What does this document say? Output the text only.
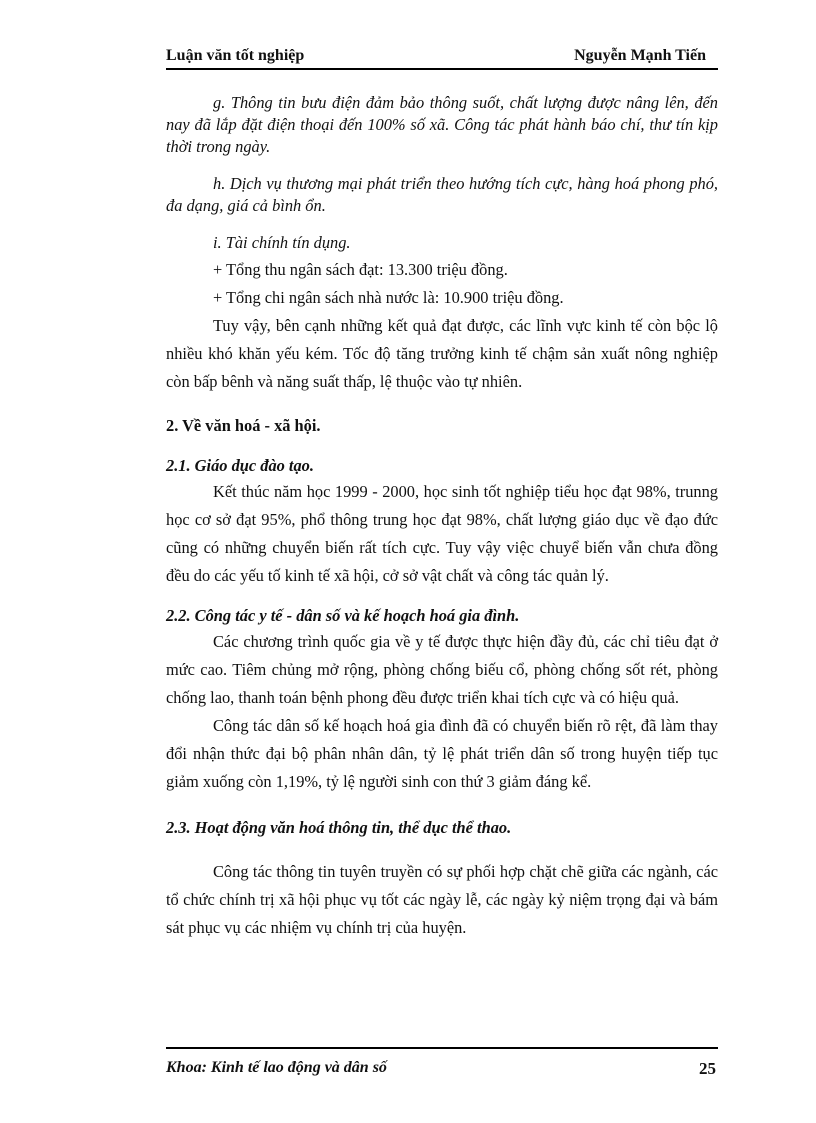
Luận văn tốt nghiệp	Nguyễn Mạnh Tiến

g. Thông tin bưu điện đảm bảo thông suốt, chất lượng được nâng lên, đến nay đã lắp đặt điện thoại đến 100% số xã. Công tác phát hành báo chí, thư tín kịp thời trong ngày.

h. Dịch vụ thương mại phát triển theo hướng tích cực, hàng hoá phong phó, đa dạng, giá cả bình ổn.

i. Tài chính tín dụng.

+ Tổng thu ngân sách đạt: 13.300 triệu đồng.

+ Tổng chi ngân sách nhà nước là: 10.900 triệu đồng.

Tuy vậy, bên cạnh những kết quả đạt được, các lĩnh vực kinh tế còn bộc lộ nhiều khó khăn yếu kém. Tốc độ tăng trưởng kinh tế chậm sản xuất nông nghiệp còn bấp bênh và năng suất thấp, lệ thuộc vào tự nhiên.

2. Về văn hoá - xã hội.

2.1. Giáo dục đào tạo.

Kết thúc năm học 1999 - 2000, học sinh tốt nghiệp tiểu học đạt 98%, trunng học cơ sở đạt 95%, phổ thông trung học đạt 98%, chất lượng giáo dục về đạo đức cũng có những chuyển biến rất tích cực. Tuy vậy việc chuyể biến vẫn chưa đồng đều do các yếu tố kinh tế xã hội, cở sở vật chất và công tác quản lý.

2.2. Công tác y tế - dân số và kế hoạch hoá gia đình.

Các chương trình quốc gia về y tế được thực hiện đầy đủ, các chỉ tiêu đạt ở mức cao. Tiêm chủng mở rộng, phòng chống biếu cổ, phòng chống sốt rét, phòng chống lao, thanh toán bệnh phong đều được triển khai tích cực và có hiệu quả.

Công tác dân số kế hoạch hoá gia đình đã có chuyển biến rõ rệt, đã làm thay đổi nhận thức đại bộ phân nhân dân, tỷ lệ phát triển dân số trong huyện tiếp tục giảm xuống còn 1,19%, tỷ lệ người sinh con thứ 3 giảm đáng kể.

2.3. Hoạt động văn hoá thông tin, thể dục thể thao.

Công tác thông tin tuyên truyền có sự phối hợp chặt chẽ giữa các ngành, các tổ chức chính trị xã hội phục vụ tốt các ngày lễ, các ngày kỷ niệm trọng đại và bám sát phục vụ các nhiệm vụ chính trị của huyện.

Khoa: Kinh tế lao động và dân số	25
